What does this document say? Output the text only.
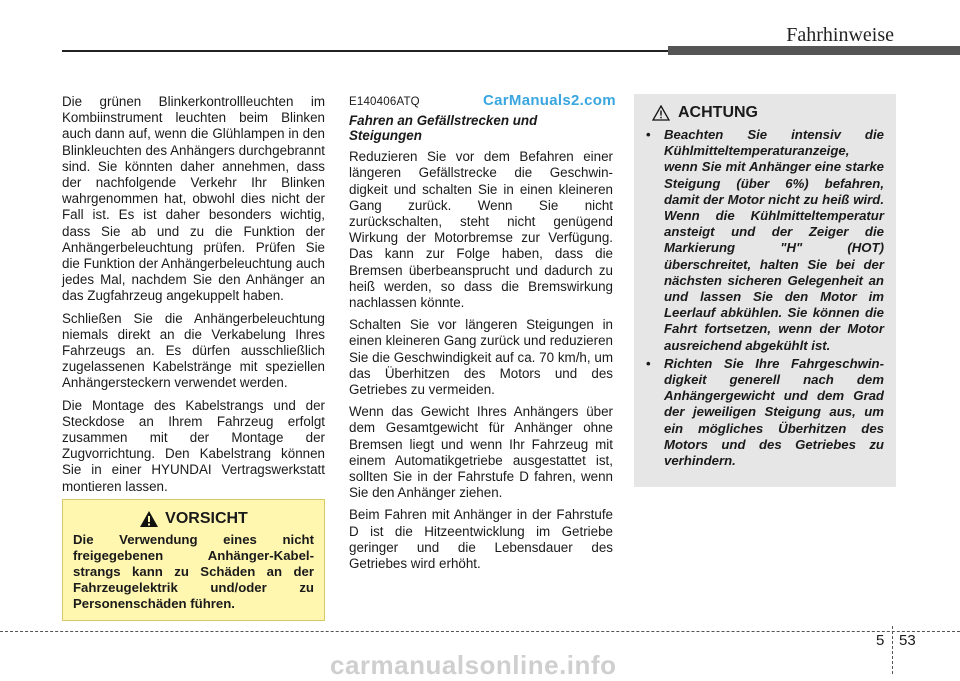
Fahrhinweise

Die grünen Blinkerkontrollleuchten im Kombiinstrument leuchten beim Blinken auch dann auf, wenn die Glühlampen in den Blinkleuchten des Anhängers durchgebrannt sind. Sie könnten daher annehmen, dass der nachfolgende Verkehr Ihr Blinken wahrgenommen hat, obwohl dies nicht der Fall ist. Es ist daher besonders wichtig, dass Sie ab und zu die Funktion der Anhängerbeleuchtung prüfen. Prüfen Sie die Funktion der Anhängerbeleuchtung auch jedes Mal, nachdem Sie den Anhänger an das Zugfahrzeug angekuppelt haben.

Schließen Sie die Anhängerbeleuchtung niemals direkt an die Verkabelung Ihres Fahrzeugs an. Es dürfen ausschließlich zugelassenen Kabelstränge mit speziellen Anhängersteckern verwendet werden.

Die Montage des Kabelstrangs und der Steckdose an Ihrem Fahrzeug erfolgt zusammen mit der Montage der Zugvorrichtung. Den Kabelstrang können Sie in einer HYUNDAI Vertragswerkstatt montieren lassen.

VORSICHT
Die Verwendung eines nicht freigegebenen Anhänger-Kabel- strangs kann zu Schäden an der Fahrzeugelektrik und/oder zu Personenschäden führen.
E140406ATQ
Fahren an Gefällstrecken und Steigungen

Reduzieren Sie vor dem Befahren einer längeren Gefällstrecke die Geschwin- digkeit und schalten Sie in einen kleineren Gang zurück. Wenn Sie nicht zurückschalten, steht nicht genügend Wirkung der Motorbremse zur Verfügung. Das kann zur Folge haben, dass die Bremsen überbeansprucht und dadurch zu heiß werden, so dass die Bremswirkung nachlassen könnte.

Schalten Sie vor längeren Steigungen in einen kleineren Gang zurück und reduzieren Sie die Geschwindigkeit auf ca. 70 km/h, um das Überhitzen des Motors und des Getriebes zu vermeiden.

Wenn das Gewicht Ihres Anhängers über dem Gesamtgewicht für Anhänger ohne Bremsen liegt und wenn Ihr Fahrzeug mit einem Automatikgetriebe ausgestattet ist, sollten Sie in der Fahrstufe D fahren, wenn Sie den Anhänger ziehen.

Beim Fahren mit Anhänger in der Fahrstufe D ist die Hitzeentwicklung im Getriebe geringer und die Lebensdauer des Getriebes wird erhöht.

CarManuals2.com
ACHTUNG
• Beachten Sie intensiv die Kühlmitteltemperaturanzeige, wenn Sie mit Anhänger eine starke Steigung (über 6%) befahren, damit der Motor nicht zu heiß wird. Wenn die Kühlmitteltemperatur ansteigt und der Zeiger die Markierung "H" (HOT) überschreitet, halten Sie bei der nächsten sicheren Gelegenheit an und lassen Sie den Motor im Leerlauf abkühlen. Sie können die Fahrt fortsetzen, wenn der Motor ausreichend abgekühlt ist.
• Richten Sie Ihre Fahrgeschwin- digkeit generell nach dem Anhängergewicht und dem Grad der jeweiligen Steigung aus, um ein mögliches Überhitzen des Motors und des Getriebes zu verhindern.
5 53
carmanualsonline.info
